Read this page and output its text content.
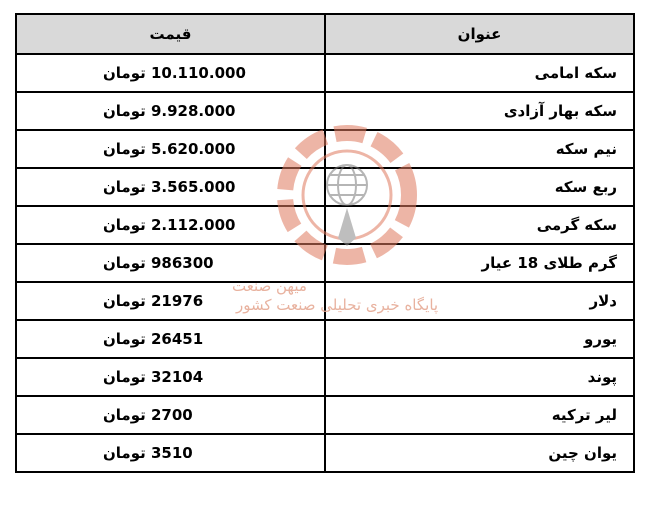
قیمت	عنوان
10.110.000 تومان	سکه امامی
9.928.000 تومان	سکه بهار آزادی
5.620.000 تومان	نیم سکه
3.565.000 تومان	ربع سکه
2.112.000 تومان	سکه گرمی
986300 تومان	گرم طلای 18 عیار
21976 تومان	دلار
26451 تومان	یورو
32104 تومان	پوند
2700 تومان	لیر ترکیه
3510 تومان	یوان چین
میهن صنعت
پایگاه خبری تحلیلی صنعت کشور
